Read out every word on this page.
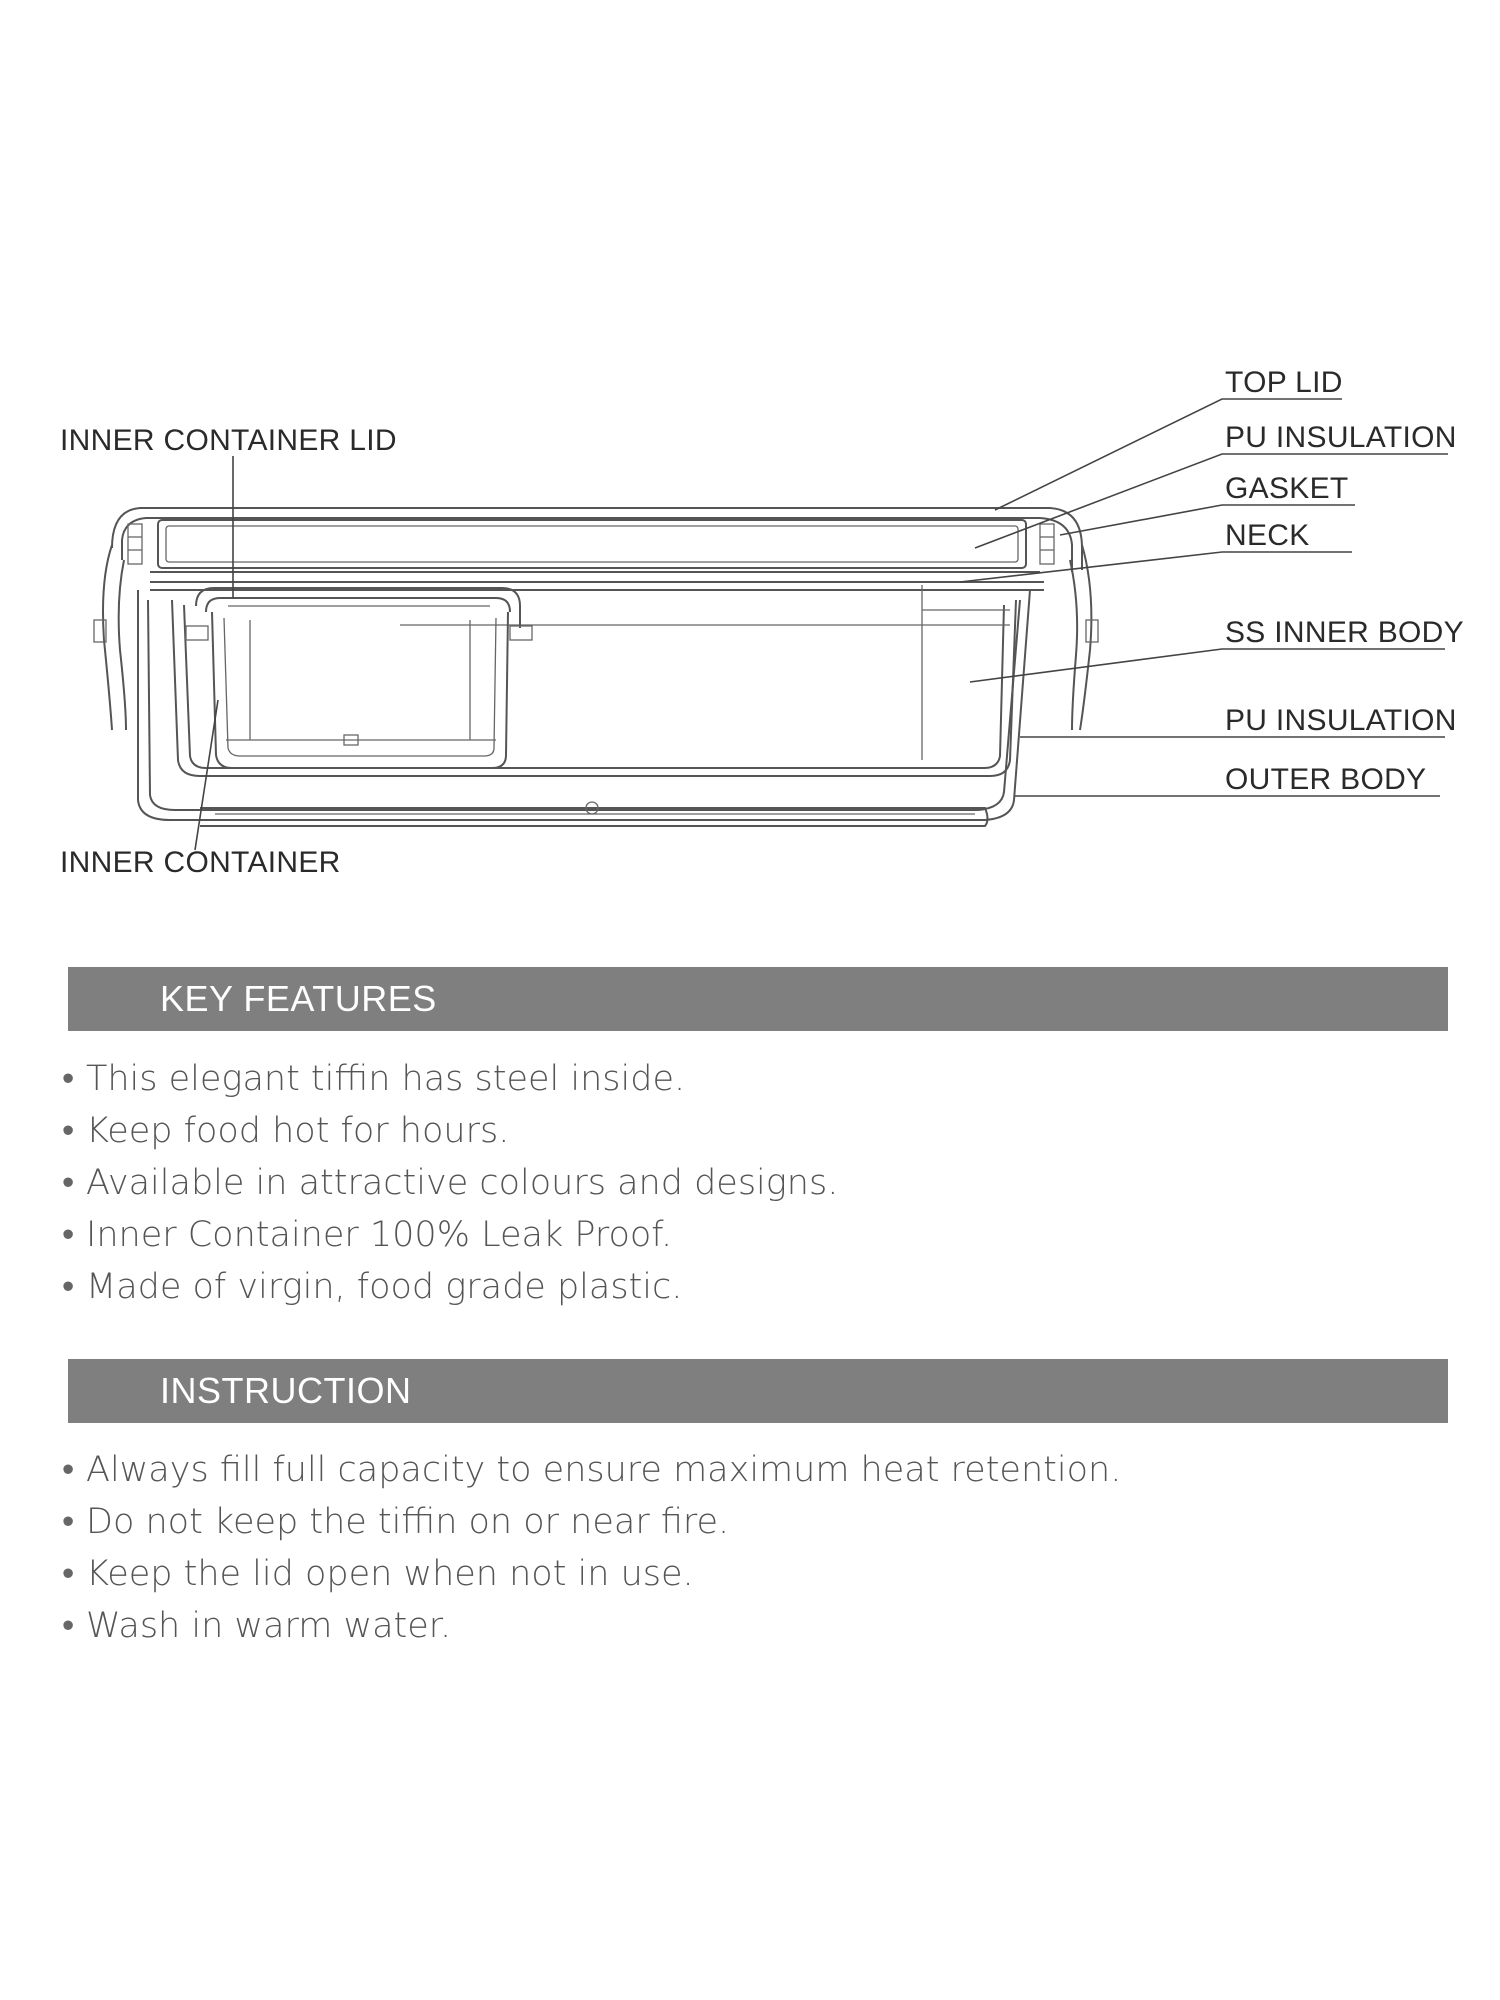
INNER CONTAINER LID
INNER CONTAINER
TOP LID
PU INSULATION
GASKET
NECK
SS INNER BODY
PU INSULATION
OUTER BODY
KEY FEATURES
• This elegant tiffin has steel inside.
• Keep food hot for hours.
• Available in attractive colours and designs.
• Inner Container 100% Leak Proof.
• Made of virgin, food grade plastic.
INSTRUCTION
• Always fill full capacity to ensure maximum heat retention.
• Do not keep the tiffin on or near fire.
• Keep the lid open when not in use.
• Wash in warm water.
